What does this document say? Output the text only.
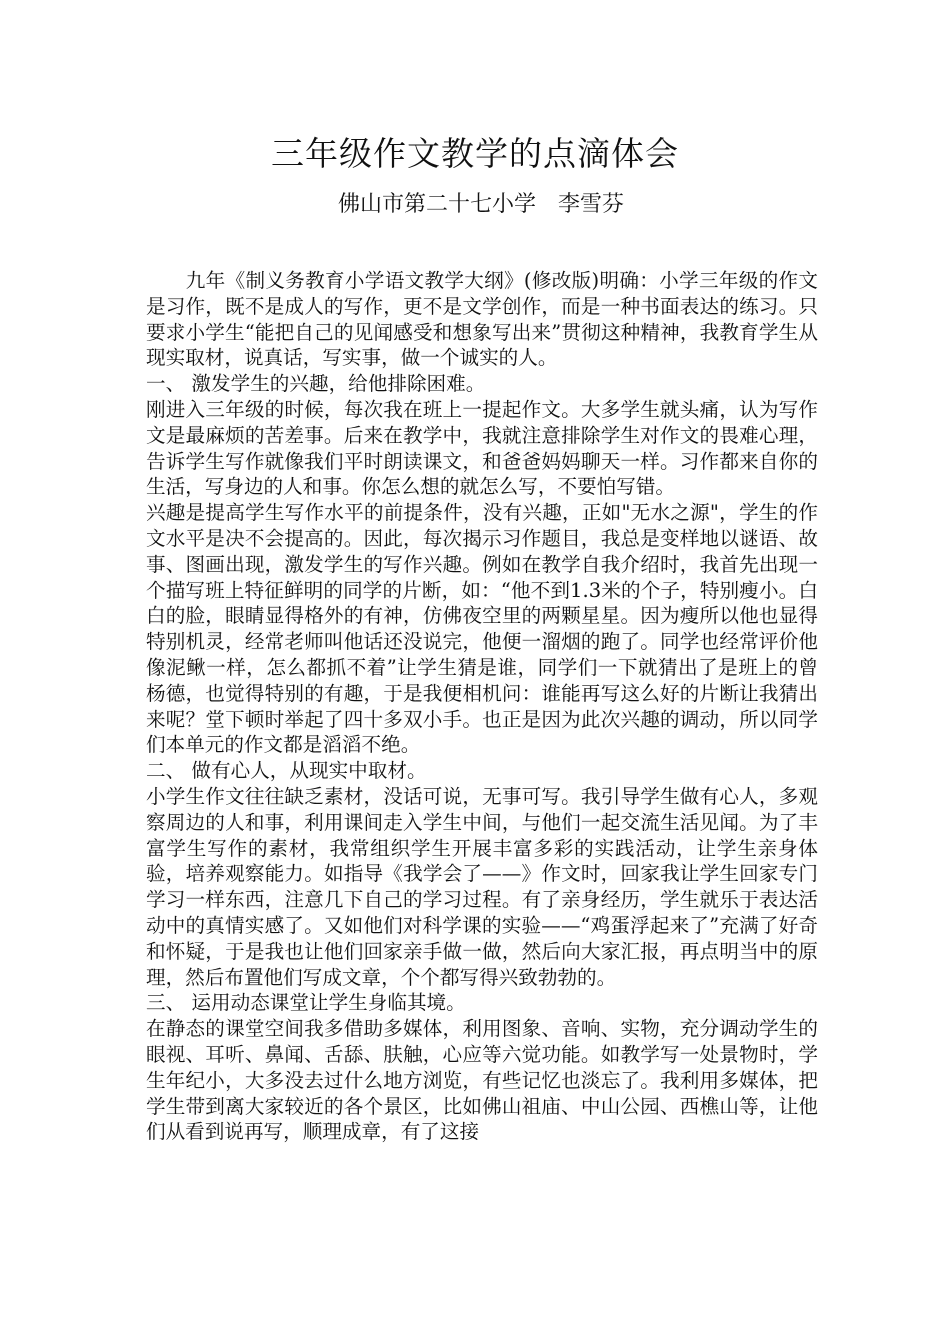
三年级作文教学的点滴体会
佛山市第二十七小学　李雪芬

　　九年《制义务教育小学语文教学大纲》(修改版)明确：小学三年级的作文是习作，既不是成人的写作，更不是文学创作，而是一种书面表达的练习。只要求小学生“能把自己的见闻感受和想象写出来”贯彻这种精神，我教育学生从现实取材，说真话，写实事，做一个诚实的人。

一、 激发学生的兴趣，给他排除困难。

刚进入三年级的时候，每次我在班上一提起作文。大多学生就头痛，认为写作文是最麻烦的苦差事。后来在教学中，我就注意排除学生对作文的畏难心理，告诉学生写作就像我们平时朗读课文，和爸爸妈妈聊天一样。习作都来自你的生活，写身边的人和事。你怎么想的就怎么写，不要怕写错。

兴趣是提高学生写作水平的前提条件，没有兴趣，正如"无水之源"，学生的作文水平是决不会提高的。因此，每次揭示习作题目，我总是变样地以谜语、故事、图画出现，激发学生的写作兴趣。例如在教学自我介绍时，我首先出现一个描写班上特征鲜明的同学的片断，如：“他不到1.3米的个子，特别瘦小。白白的脸，眼睛显得格外的有神，仿佛夜空里的两颗星星。因为瘦所以他也显得特别机灵，经常老师叫他话还没说完，他便一溜烟的跑了。同学也经常评价他像泥鳅一样，怎么都抓不着”让学生猜是谁，同学们一下就猜出了是班上的曾杨德，也觉得特别的有趣，于是我便相机问：谁能再写这么好的片断让我猜出来呢？堂下顿时举起了四十多双小手。也正是因为此次兴趣的调动，所以同学们本单元的作文都是滔滔不绝。

二、 做有心人，从现实中取材。

小学生作文往往缺乏素材，没话可说，无事可写。我引导学生做有心人，多观察周边的人和事，利用课间走入学生中间，与他们一起交流生活见闻。为了丰富学生写作的素材，我常组织学生开展丰富多彩的实践活动，让学生亲身体验，培养观察能力。如指导《我学会了——》作文时，回家我让学生回家专门学习一样东西，注意几下自己的学习过程。有了亲身经历，学生就乐于表达活动中的真情实感了。又如他们对科学课的实验——“鸡蛋浮起来了”充满了好奇和怀疑，于是我也让他们回家亲手做一做，然后向大家汇报，再点明当中的原理，然后布置他们写成文章，个个都写得兴致勃勃的。

三、 运用动态课堂让学生身临其境。

在静态的课堂空间我多借助多媒体，利用图象、音响、实物，充分调动学生的眼视、耳听、鼻闻、舌舔、肤触，心应等六觉功能。如教学写一处景物时，学生年纪小，大多没去过什么地方浏览，有些记忆也淡忘了。我利用多媒体，把学生带到离大家较近的各个景区，比如佛山祖庙、中山公园、西樵山等，让他们从看到说再写，顺理成章，有了这接
